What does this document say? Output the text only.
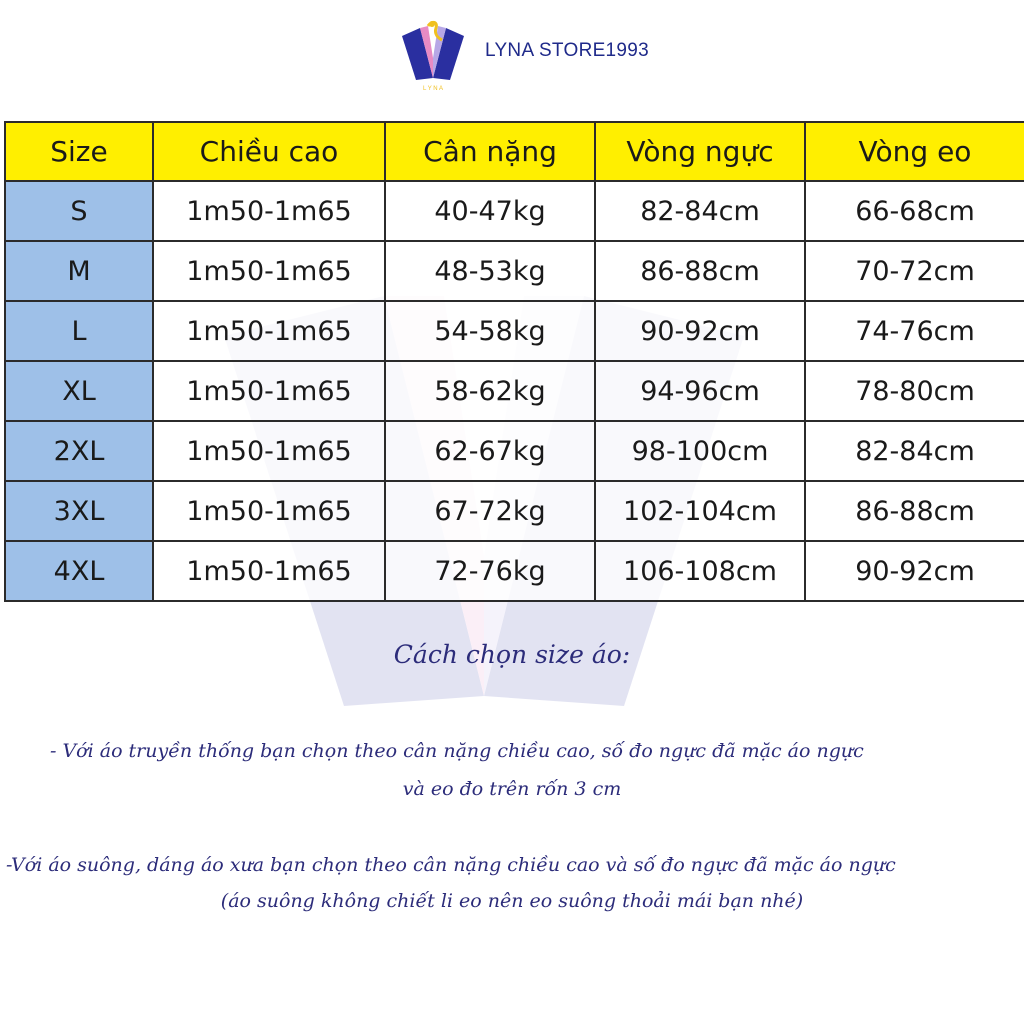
L Y N A
LYNA STORE1993
Size	Chiều cao	Cân nặng	Vòng ngực	Vòng eo
S	1m50-1m65	40-47kg	82-84cm	66-68cm
M	1m50-1m65	48-53kg	86-88cm	70-72cm
L	1m50-1m65	54-58kg	90-92cm	74-76cm
XL	1m50-1m65	58-62kg	94-96cm	78-80cm
2XL	1m50-1m65	62-67kg	98-100cm	82-84cm
3XL	1m50-1m65	67-72kg	102-104cm	86-88cm
4XL	1m50-1m65	72-76kg	106-108cm	90-92cm
Cách chọn size áo:
- Với áo truyền thống bạn chọn theo cân nặng chiều cao, số đo ngực đã mặc áo ngực
và eo đo trên rốn 3 cm
-Với áo suông, dáng áo xưa bạn chọn theo cân nặng chiều cao và số đo ngực đã mặc áo ngực
(áo suông không chiết li eo nên eo suông thoải mái bạn nhé)
